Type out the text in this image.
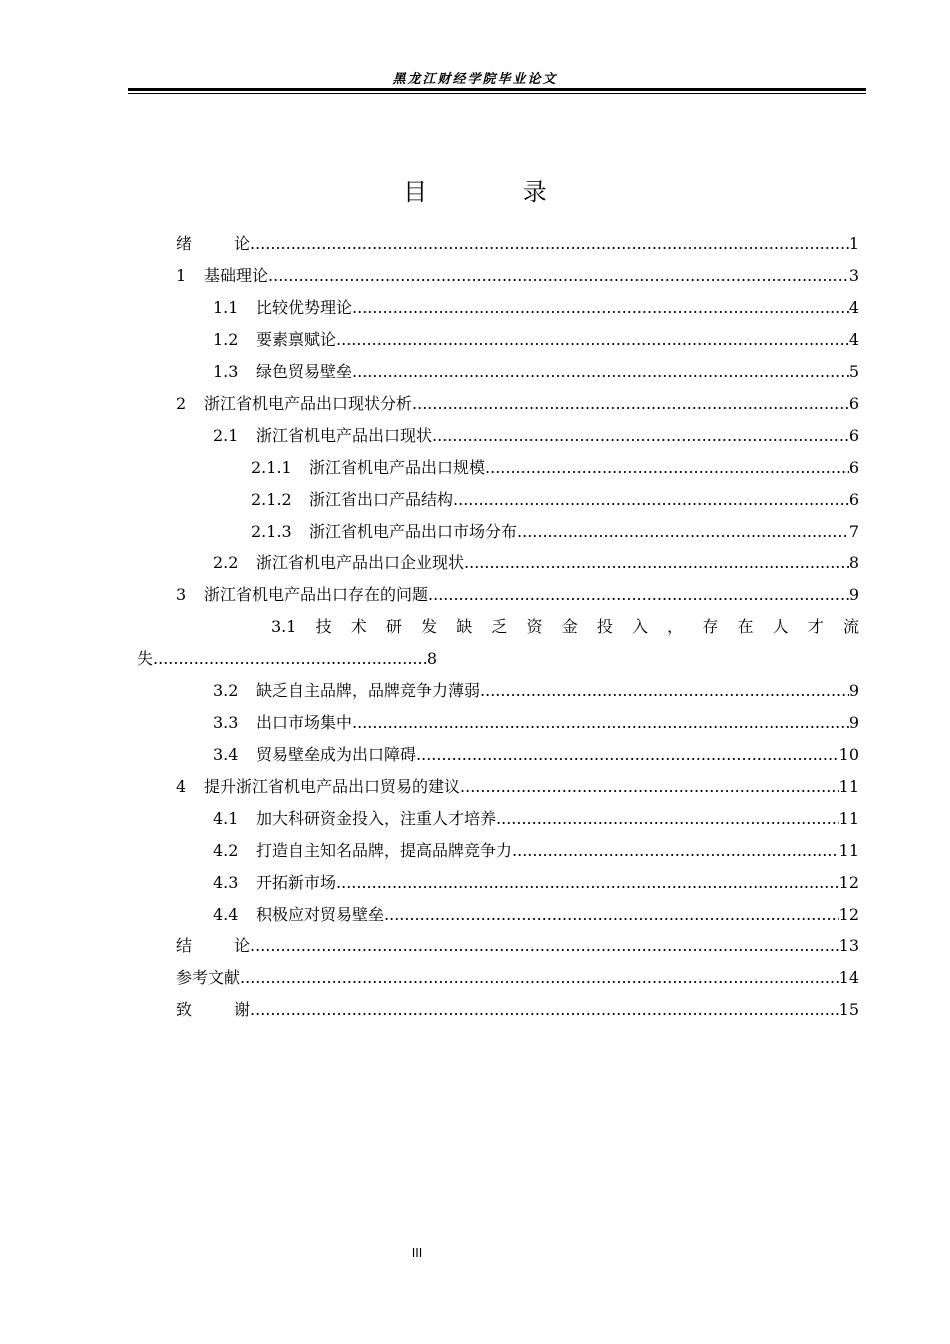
黑龙江财经学院毕业论文
目 录
绪	论 .....	1
1	基础理论 .....	3
1.1	比较优势理论 .....	4
1.2	要素禀赋论 .....	4
1.3	绿色贸易壁垒 .....	5
2	浙江省机电产品出口现状分析 .....	6
2.1	浙江省机电产品出口现状 .....	6
2.1.1	浙江省机电产品出口规模 .....	6
2.1.2	浙江省出口产品结构 .....	6
2.1.3	浙江省机电产品出口市场分布 .....	7
2.2	浙江省机电产品出口企业现状 .....	8
3	浙江省机电产品出口存在的问题 .....	9
3.1 技 术 研 发 缺 乏 资 金 投 入 ， 存 在 人 才 流
失 .....	8
3.2	缺乏自主品牌，品牌竞争力薄弱 .....	9
3.3	出口市场集中 .....	9
3.4	贸易壁垒成为出口障碍 .....	10
4	提升浙江省机电产品出口贸易的建议 .....	11
4.1	加大科研资金投入，注重人才培养 .....	11
4.2	打造自主知名品牌，提高品牌竞争力 .....	11
4.3	开拓新市场 .....	12
4.4	积极应对贸易壁垒 .....	12
结	论 .....	13
参考文献 .....	14
致	谢 .....	15
III
